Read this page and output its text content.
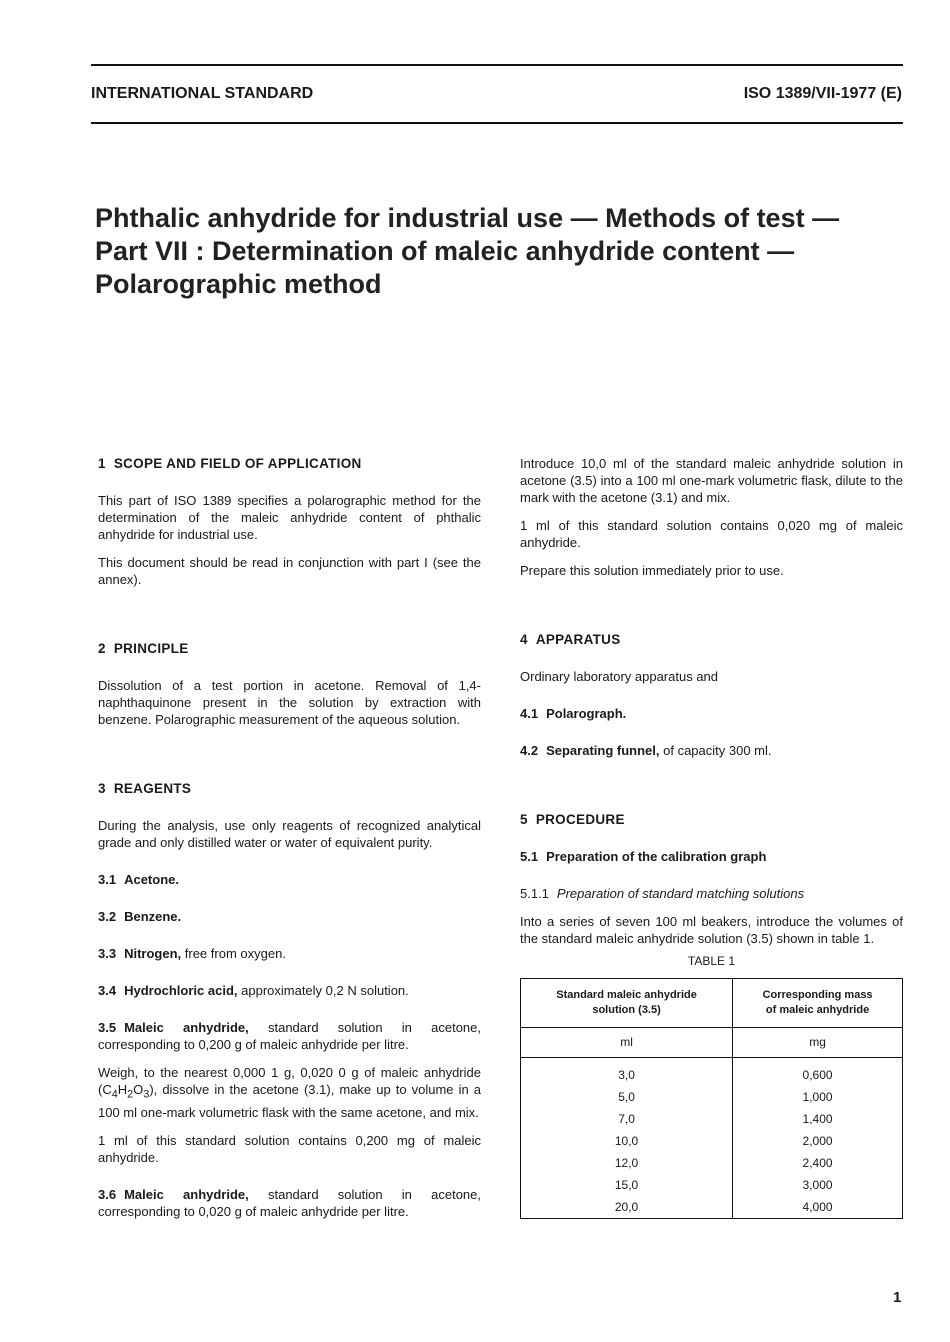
INTERNATIONAL STANDARD	ISO 1389/VII-1977 (E)
Phthalic anhydride for industrial use — Methods of test —
Part VII : Determination of maleic anhydride content —
Polarographic method
1 SCOPE AND FIELD OF APPLICATION

This part of ISO 1389 specifies a polarographic method for the determination of the maleic anhydride content of phthalic anhydride for industrial use.

This document should be read in conjunction with part I (see the annex).

2 PRINCIPLE

Dissolution of a test portion in acetone. Removal of 1,4-naphthaquinone present in the solution by extraction with benzene. Polarographic measurement of the aqueous solution.

3 REAGENTS

During the analysis, use only reagents of recognized analytical grade and only distilled water or water of equivalent purity.

3.1 Acetone.

3.2 Benzene.

3.3 Nitrogen, free from oxygen.

3.4 Hydrochloric acid, approximately 0,2 N solution.

3.5 Maleic anhydride, standard solution in acetone, corresponding to 0,200 g of maleic anhydride per litre.

Weigh, to the nearest 0,000 1 g, 0,020 0 g of maleic anhydride $(C_4H_2O_3)$, dissolve in the acetone (3.1), make up to volume in a 100 ml one-mark volumetric flask with the same acetone, and mix.

1 ml of this standard solution contains 0,200 mg of maleic anhydride.

3.6 Maleic anhydride, standard solution in acetone, corresponding to 0,020 g of maleic anhydride per litre.

Introduce 10,0 ml of the standard maleic anhydride solution in acetone (3.5) into a 100 ml one-mark volumetric flask, dilute to the mark with the acetone (3.1) and mix.

1 ml of this standard solution contains 0,020 mg of maleic anhydride.

Prepare this solution immediately prior to use.

4 APPARATUS

Ordinary laboratory apparatus and

4.1 Polarograph.

4.2 Separating funnel, of capacity 300 ml.

5 PROCEDURE

5.1 Preparation of the calibration graph

5.1.1 Preparation of standard matching solutions

Into a series of seven 100 ml beakers, introduce the volumes of the standard maleic anhydride solution (3.5) shown in table 1.

TABLE 1
Standard maleic anhydride
solution (3.5)	Corresponding mass
of maleic anhydride
ml	mg
3,0	0,600
5,0	1,000
7,0	1,400
10,0	2,000
12,0	2,400
15,0	3,000
20,0	4,000
1
